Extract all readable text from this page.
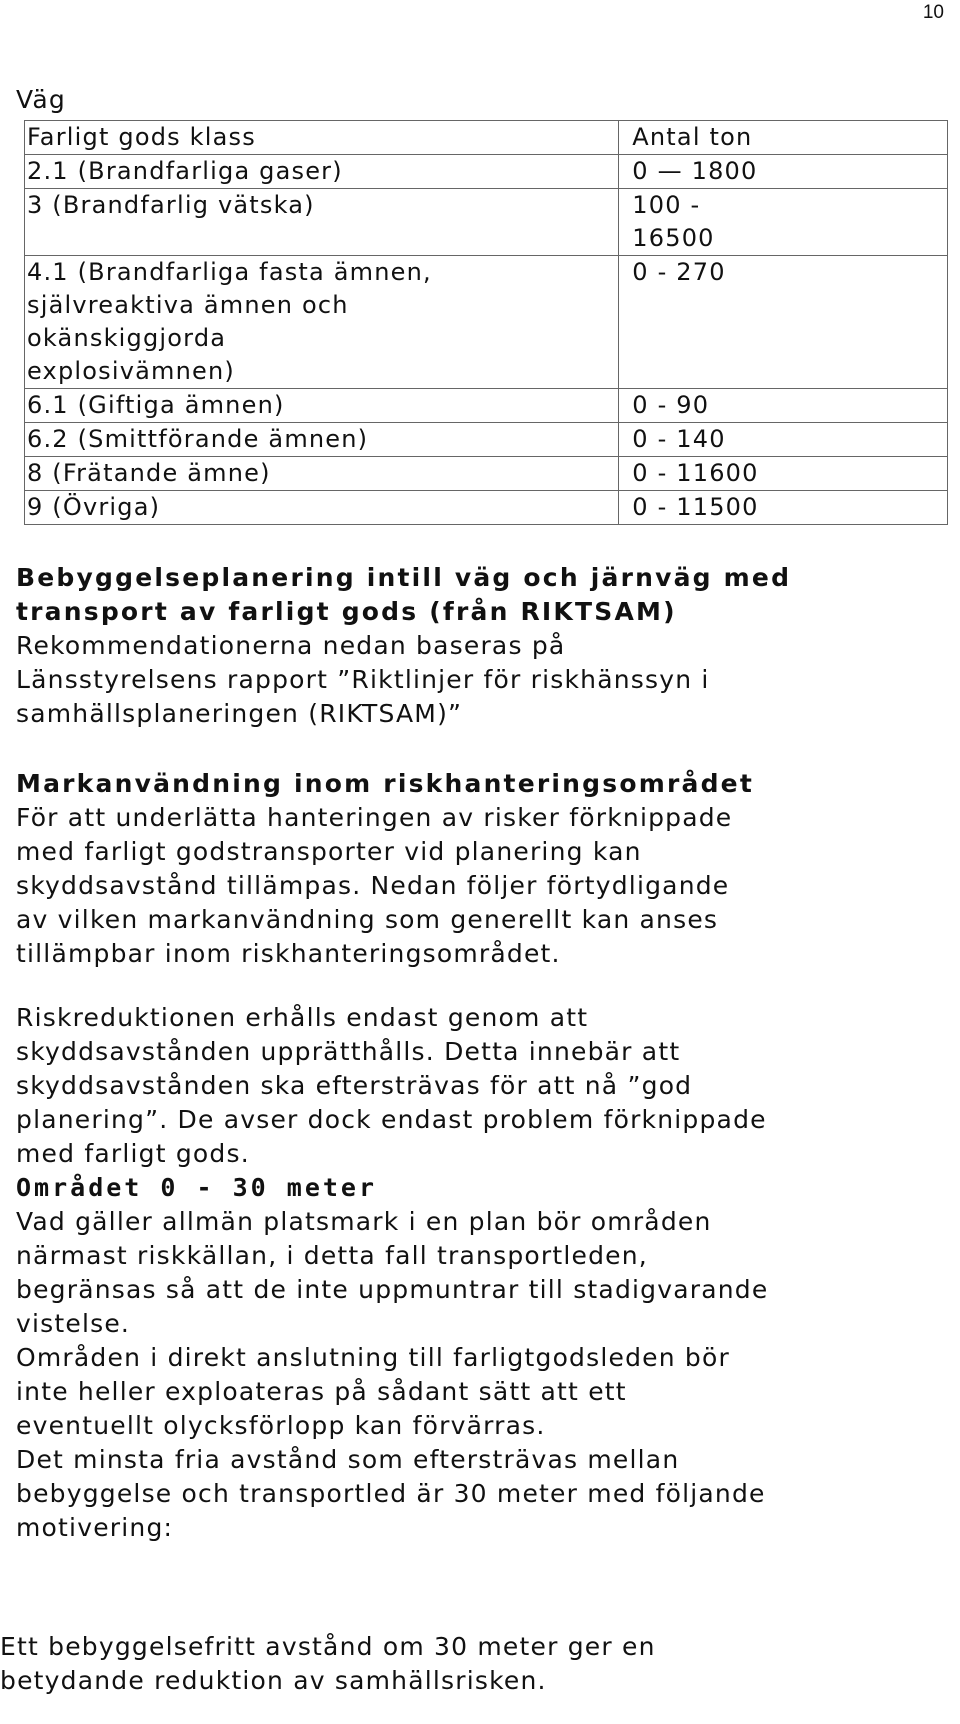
10
Väg
Farligt gods klass	Antal ton
2.1 (Brandfarliga gaser)	0 — 1800
3 (Brandfarlig vätska)	100 -
16500
4.1 (Brandfarliga fasta ämnen,
självreaktiva ämnen och
okänskiggjorda
explosivämnen)	0 - 270
6.1 (Giftiga ämnen)	0 - 90
6.2 (Smittförande ämnen)	0 - 140
8 (Frätande ämne)	0 - 11600
9 (Övriga)	0 - 11500
Bebyggelseplanering intill väg och järnväg med transport av farligt gods (från RIKTSAM)

Rekommendationerna nedan baseras på

Länsstyrelsens rapport ”Riktlinjer för riskhänssyn i

samhällsplaneringen (RIKTSAM)”

Markanvändning inom riskhanteringsområdet

För att underlätta hanteringen av risker förknippade

med farligt godstransporter vid planering kan

skyddsavstånd tillämpas. Nedan följer förtydligande

av vilken markanvändning som generellt kan anses

tillämpbar inom riskhanteringsområdet.

Riskreduktionen erhålls endast genom att

skyddsavstånden upprätthålls. Detta innebär att

skyddsavstånden ska eftersträvas för att nå ”god

planering”. De avser dock endast problem förknippade

med farligt gods.

Området 0 - 30 meter

Vad gäller allmän platsmark i en plan bör områden

närmast riskkällan, i detta fall transportleden,

begränsas så att de inte uppmuntrar till stadigvarande

vistelse.

Områden i direkt anslutning till farligtgodsleden bör

inte heller exploateras på sådant sätt att ett

eventuellt olycksförlopp kan förvärras.

Det minsta fria avstånd som eftersträvas mellan

bebyggelse och transportled är 30 meter med följande

motivering:

Ett bebyggelsefritt avstånd om 30 meter ger en

betydande reduktion av samhällsrisken.
